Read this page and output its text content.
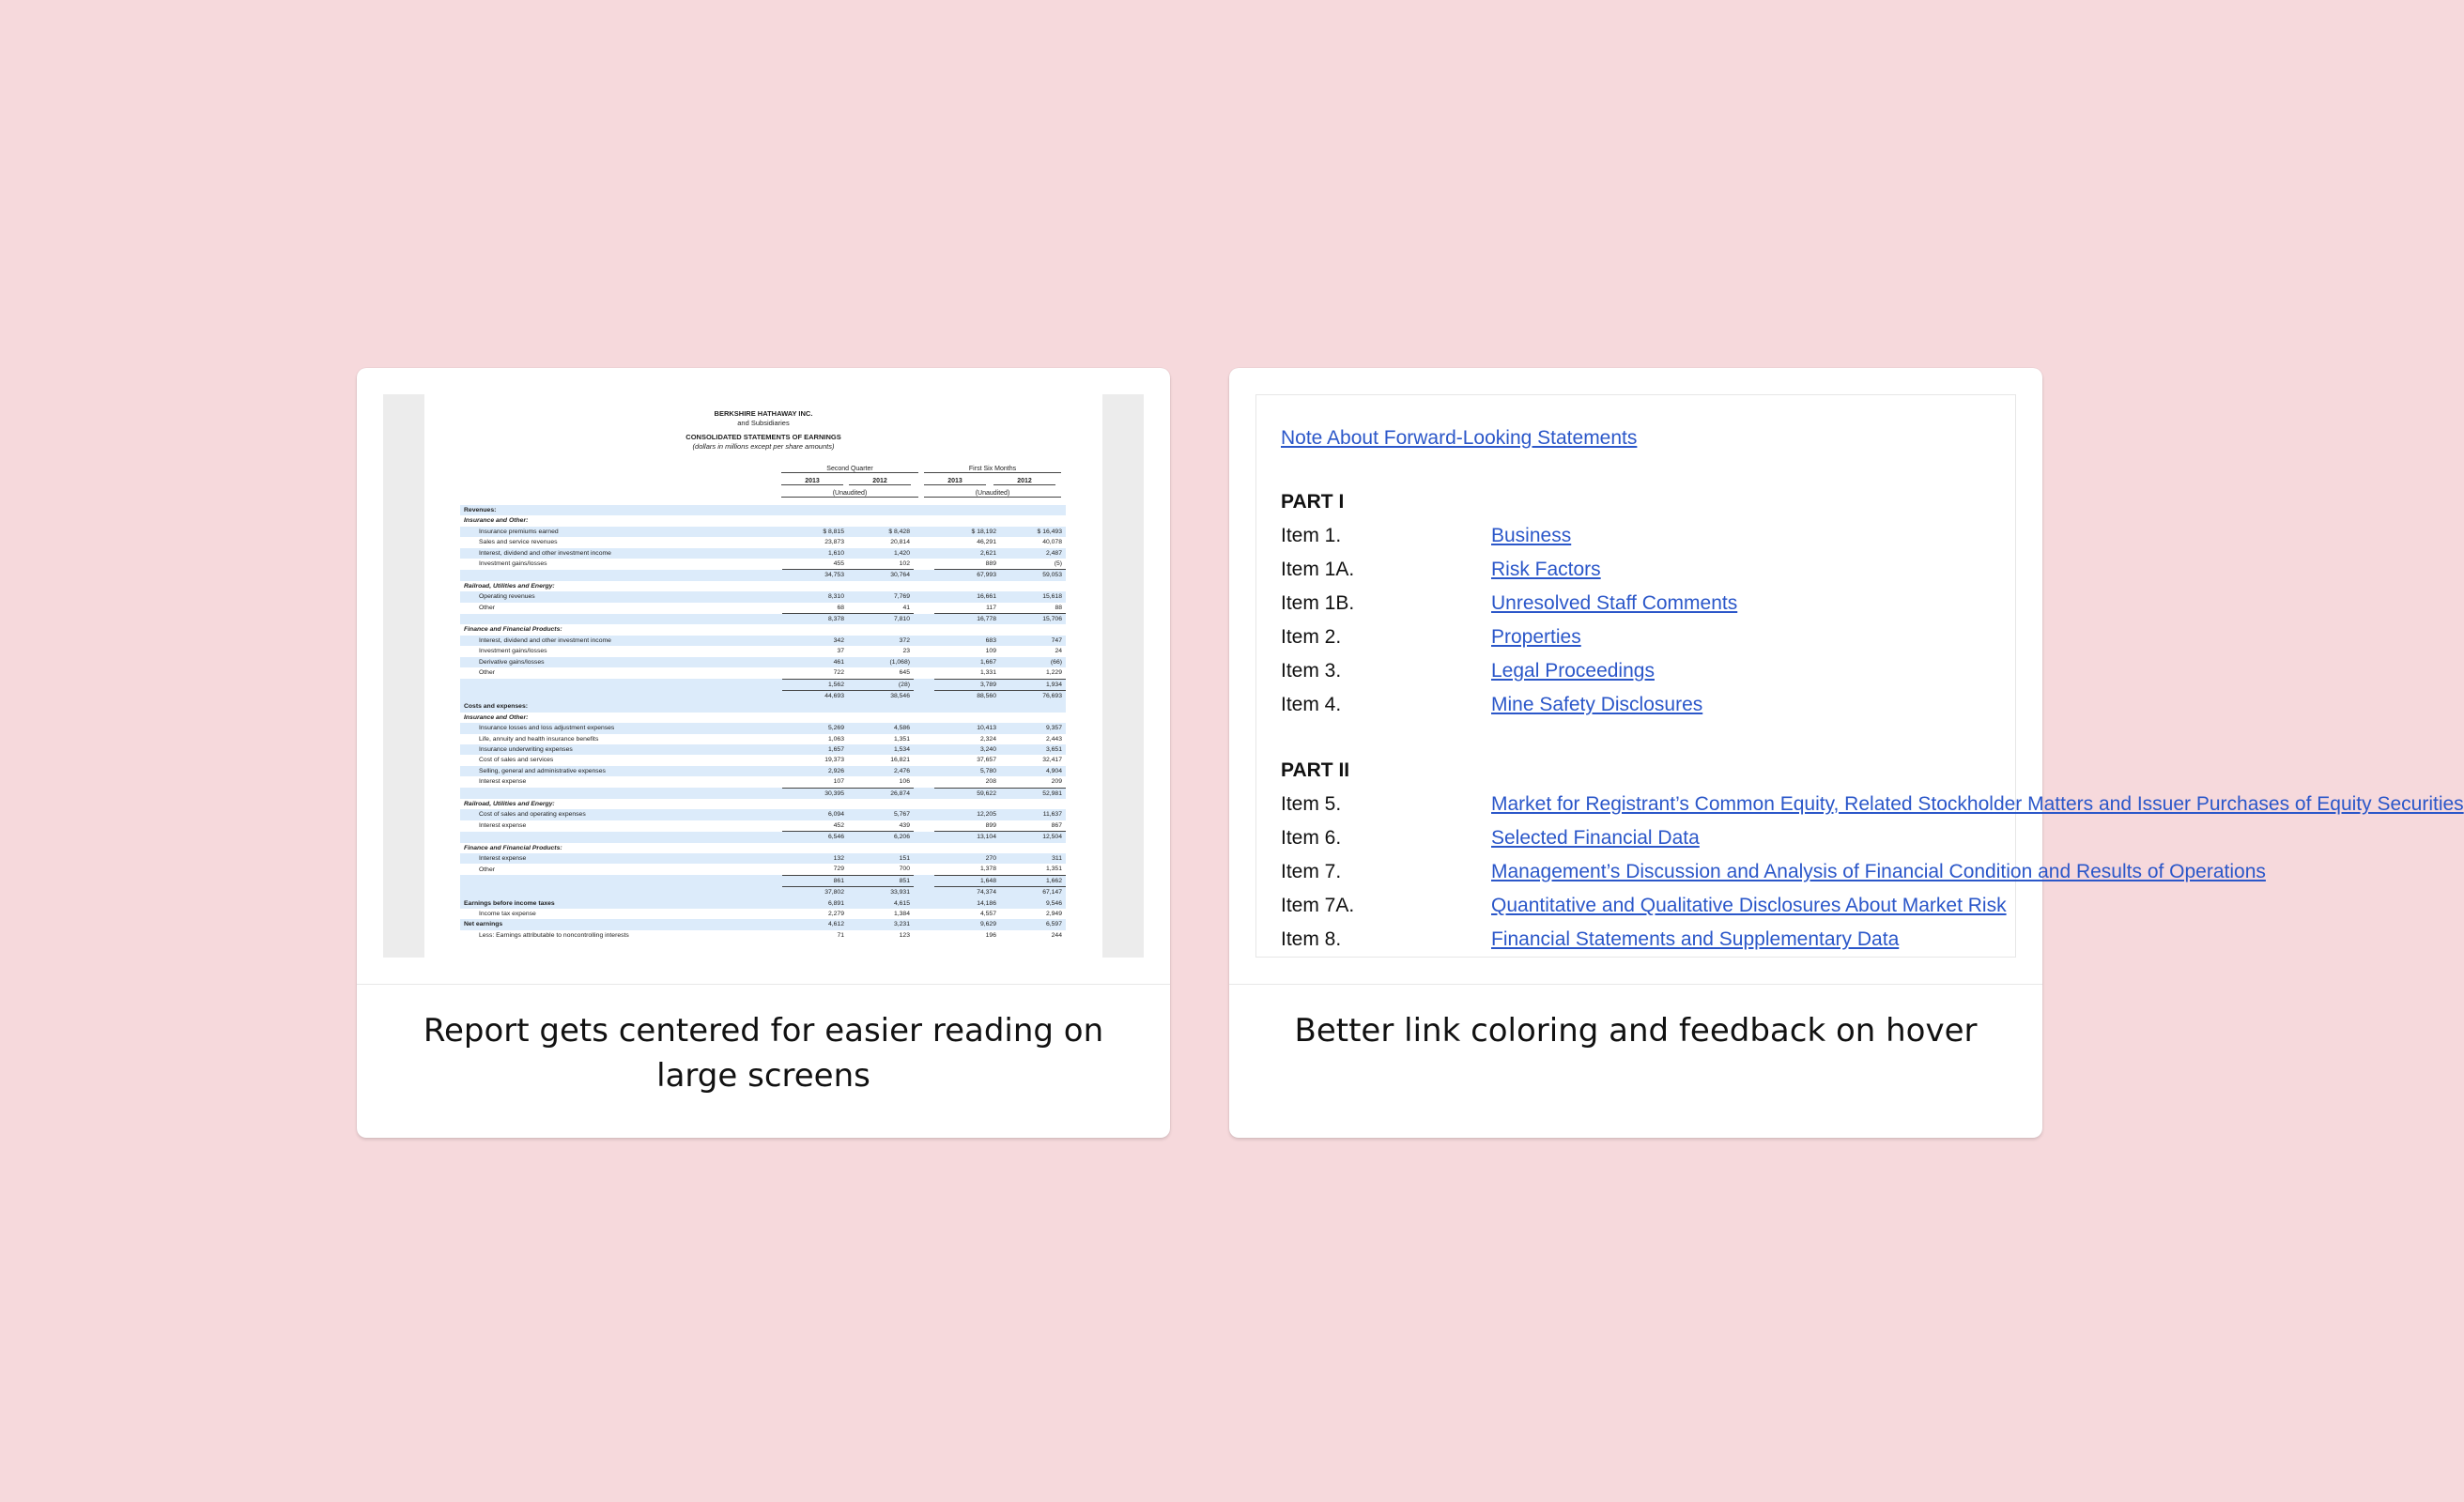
BERKSHIRE HATHAWAY INC.
and Subsidiaries
CONSOLIDATED STATEMENTS OF EARNINGS
(dollars in millions except per share amounts)
Second Quarter	First Six Months
2013	2012	2013	2012
(Unaudited)	(Unaudited)
Revenues:					
Insurance and Other:					
Insurance premiums earned	$ 8,815	$ 8,428		$ 18,192	$ 16,493
Sales and service revenues	23,873	20,814		46,291	40,078
Interest, dividend and other investment income	1,610	1,420		2,621	2,487
Investment gains/losses	455	102		889	(5)
	34,753	30,764		67,993	59,053
Railroad, Utilities and Energy:					
Operating revenues	8,310	7,769		16,661	15,618
Other	68	41		117	88
	8,378	7,810		16,778	15,706
Finance and Financial Products:					
Interest, dividend and other investment income	342	372		683	747
Investment gains/losses	37	23		109	24
Derivative gains/losses	461	(1,068)		1,667	(66)
Other	722	645		1,331	1,229
	1,562	(28)		3,789	1,934
	44,693	38,546		88,560	76,693
Costs and expenses:					
Insurance and Other:					
Insurance losses and loss adjustment expenses	5,269	4,586		10,413	9,357
Life, annuity and health insurance benefits	1,063	1,351		2,324	2,443
Insurance underwriting expenses	1,657	1,534		3,240	3,651
Cost of sales and services	19,373	16,821		37,657	32,417
Selling, general and administrative expenses	2,926	2,476		5,780	4,904
Interest expense	107	106		208	209
	30,395	26,874		59,622	52,981
Railroad, Utilities and Energy:					
Cost of sales and operating expenses	6,094	5,767		12,205	11,637
Interest expense	452	439		899	867
	6,546	6,206		13,104	12,504
Finance and Financial Products:					
Interest expense	132	151		270	311
Other	729	700		1,378	1,351
	861	851		1,648	1,662
	37,802	33,931		74,374	67,147
Earnings before income taxes	6,891	4,615		14,186	9,546
Income tax expense	2,279	1,384		4,557	2,949
Net earnings	4,612	3,231		9,629	6,597
Less: Earnings attributable to noncontrolling interests	71	123		196	244
Report gets centered for easier reading on large screens
Note About Forward-Looking Statements
PART I
Item 1.	Business
Item 1A.	Risk Factors
Item 1B.	Unresolved Staff Comments
Item 2.	Properties
Item 3.	Legal Proceedings
Item 4.	Mine Safety Disclosures
PART II
Item 5.	Market for Registrant’s Common Equity, Related Stockholder Matters and Issuer Purchases of Equity Securities
Item 6.	Selected Financial Data
Item 7.	Management’s Discussion and Analysis of Financial Condition and Results of Operations
Item 7A.	Quantitative and Qualitative Disclosures About Market Risk
Item 8.	Financial Statements and Supplementary Data
Better link coloring and feedback on hover
